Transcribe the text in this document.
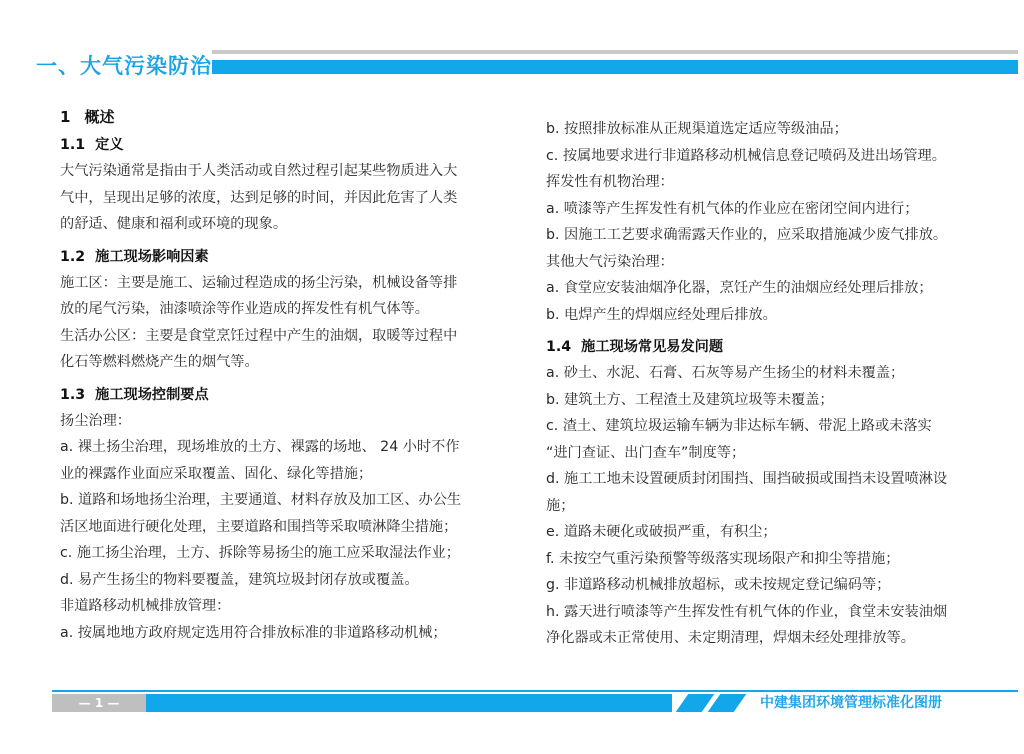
一、大气污染防治
1 概述
1.1 定义

大气污染通常是指由于人类活动或自然过程引起某些物质进入大

气中，呈现出足够的浓度，达到足够的时间，并因此危害了人类

的舒适、健康和福利或环境的现象。

1.2 施工现场影响因素

施工区：主要是施工、运输过程造成的扬尘污染，机械设备等排

放的尾气污染，油漆喷涂等作业造成的挥发性有机气体等。

生活办公区：主要是食堂烹饪过程中产生的油烟，取暖等过程中

化石等燃料燃烧产生的烟气等。

1.3 施工现场控制要点

扬尘治理：

a. 裸土扬尘治理，现场堆放的土方、裸露的场地、 24 小时不作

业的裸露作业面应采取覆盖、固化、绿化等措施；

b. 道路和场地扬尘治理，主要通道、材料存放及加工区、办公生

活区地面进行硬化处理，主要道路和围挡等采取喷淋降尘措施；

c. 施工扬尘治理，土方、拆除等易扬尘的施工应采取湿法作业；

d. 易产生扬尘的物料要覆盖，建筑垃圾封闭存放或覆盖。

非道路移动机械排放管理：

a. 按属地地方政府规定选用符合排放标准的非道路移动机械；

b. 按照排放标准从正规渠道选定适应等级油品；

c. 按属地要求进行非道路移动机械信息登记喷码及进出场管理。

挥发性有机物治理：

a. 喷漆等产生挥发性有机气体的作业应在密闭空间内进行；

b. 因施工工艺要求确需露天作业的，应采取措施减少废气排放。

其他大气污染治理：

a. 食堂应安装油烟净化器，烹饪产生的油烟应经处理后排放；

b. 电焊产生的焊烟应经处理后排放。

1.4 施工现场常见易发问题

a. 砂土、水泥、石膏、石灰等易产生扬尘的材料未覆盖；

b. 建筑土方、工程渣土及建筑垃圾等未覆盖；

c. 渣土、建筑垃圾运输车辆为非达标车辆、带泥上路或未落实

“进门查证、出门查车”制度等；

d. 施工工地未设置硬质封闭围挡、围挡破损或围挡未设置喷淋设

施；

e. 道路未硬化或破损严重，有积尘；

f. 未按空气重污染预警等级落实现场限产和抑尘等措施；

g. 非道路移动机械排放超标，或未按规定登记编码等；

h. 露天进行喷漆等产生挥发性有机气体的作业，食堂未安装油烟

净化器或未正常使用、未定期清理，焊烟未经处理排放等。

— 1 —	中建集团环境管理标准化图册
